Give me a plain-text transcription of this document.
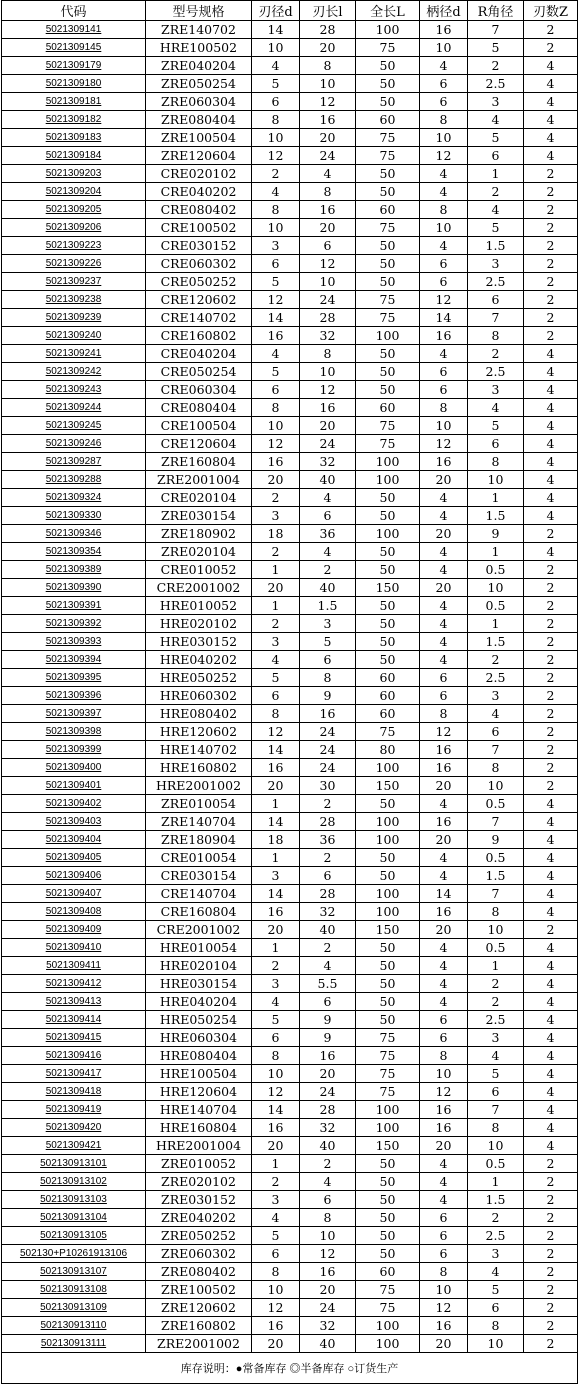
代码	型号规格	刃径d	刃长l	全长L	柄径d	R角径	刃数Z
5021309141	ZRE140702	14	28	100	16	7	2
5021309145	HRE100502	10	20	75	10	5	2
5021309179	ZRE040204	4	8	50	4	2	4
5021309180	ZRE050254	5	10	50	6	2.5	4
5021309181	ZRE060304	6	12	50	6	3	4
5021309182	ZRE080404	8	16	60	8	4	4
5021309183	ZRE100504	10	20	75	10	5	4
5021309184	ZRE120604	12	24	75	12	6	4
5021309203	CRE020102	2	4	50	4	1	2
5021309204	CRE040202	4	8	50	4	2	2
5021309205	CRE080402	8	16	60	8	4	2
5021309206	CRE100502	10	20	75	10	5	2
5021309223	CRE030152	3	6	50	4	1.5	2
5021309226	CRE060302	6	12	50	6	3	2
5021309237	CRE050252	5	10	50	6	2.5	2
5021309238	CRE120602	12	24	75	12	6	2
5021309239	CRE140702	14	28	75	14	7	2
5021309240	CRE160802	16	32	100	16	8	2
5021309241	CRE040204	4	8	50	4	2	4
5021309242	CRE050254	5	10	50	6	2.5	4
5021309243	CRE060304	6	12	50	6	3	4
5021309244	CRE080404	8	16	60	8	4	4
5021309245	CRE100504	10	20	75	10	5	4
5021309246	CRE120604	12	24	75	12	6	4
5021309287	ZRE160804	16	32	100	16	8	4
5021309288	ZRE2001004	20	40	100	20	10	4
5021309324	CRE020104	2	4	50	4	1	4
5021309330	ZRE030154	3	6	50	4	1.5	4
5021309346	ZRE180902	18	36	100	20	9	2
5021309354	ZRE020104	2	4	50	4	1	4
5021309389	CRE010052	1	2	50	4	0.5	2
5021309390	CRE2001002	20	40	150	20	10	2
5021309391	HRE010052	1	1.5	50	4	0.5	2
5021309392	HRE020102	2	3	50	4	1	2
5021309393	HRE030152	3	5	50	4	1.5	2
5021309394	HRE040202	4	6	50	4	2	2
5021309395	HRE050252	5	8	60	6	2.5	2
5021309396	HRE060302	6	9	60	6	3	2
5021309397	HRE080402	8	16	60	8	4	2
5021309398	HRE120602	12	24	75	12	6	2
5021309399	HRE140702	14	24	80	16	7	2
5021309400	HRE160802	16	24	100	16	8	2
5021309401	HRE2001002	20	30	150	20	10	2
5021309402	ZRE010054	1	2	50	4	0.5	4
5021309403	ZRE140704	14	28	100	16	7	4
5021309404	ZRE180904	18	36	100	20	9	4
5021309405	CRE010054	1	2	50	4	0.5	4
5021309406	CRE030154	3	6	50	4	1.5	4
5021309407	CRE140704	14	28	100	14	7	4
5021309408	CRE160804	16	32	100	16	8	4
5021309409	CRE2001002	20	40	150	20	10	2
5021309410	HRE010054	1	2	50	4	0.5	4
5021309411	HRE020104	2	4	50	4	1	4
5021309412	HRE030154	3	5.5	50	4	2	4
5021309413	HRE040204	4	6	50	4	2	4
5021309414	HRE050254	5	9	50	6	2.5	4
5021309415	HRE060304	6	9	75	6	3	4
5021309416	HRE080404	8	16	75	8	4	4
5021309417	HRE100504	10	20	75	10	5	4
5021309418	HRE120604	12	24	75	12	6	4
5021309419	HRE140704	14	28	100	16	7	4
5021309420	HRE160804	16	32	100	16	8	4
5021309421	HRE2001004	20	40	150	20	10	4
502130913101	ZRE010052	1	2	50	4	0.5	2
502130913102	ZRE020102	2	4	50	4	1	2
502130913103	ZRE030152	3	6	50	4	1.5	2
502130913104	ZRE040202	4	8	50	6	2	2
502130913105	ZRE050252	5	10	50	6	2.5	2
502130+P10261913106	ZRE060302	6	12	50	6	3	2
502130913107	ZRE080402	8	16	60	8	4	2
502130913108	ZRE100502	10	20	75	10	5	2
502130913109	ZRE120602	12	24	75	12	6	2
502130913110	ZRE160802	16	32	100	16	8	2
502130913111	ZRE2001002	20	40	100	20	10	2
库存说明：●常备库存 ◎半备库存 ○订货生产							
